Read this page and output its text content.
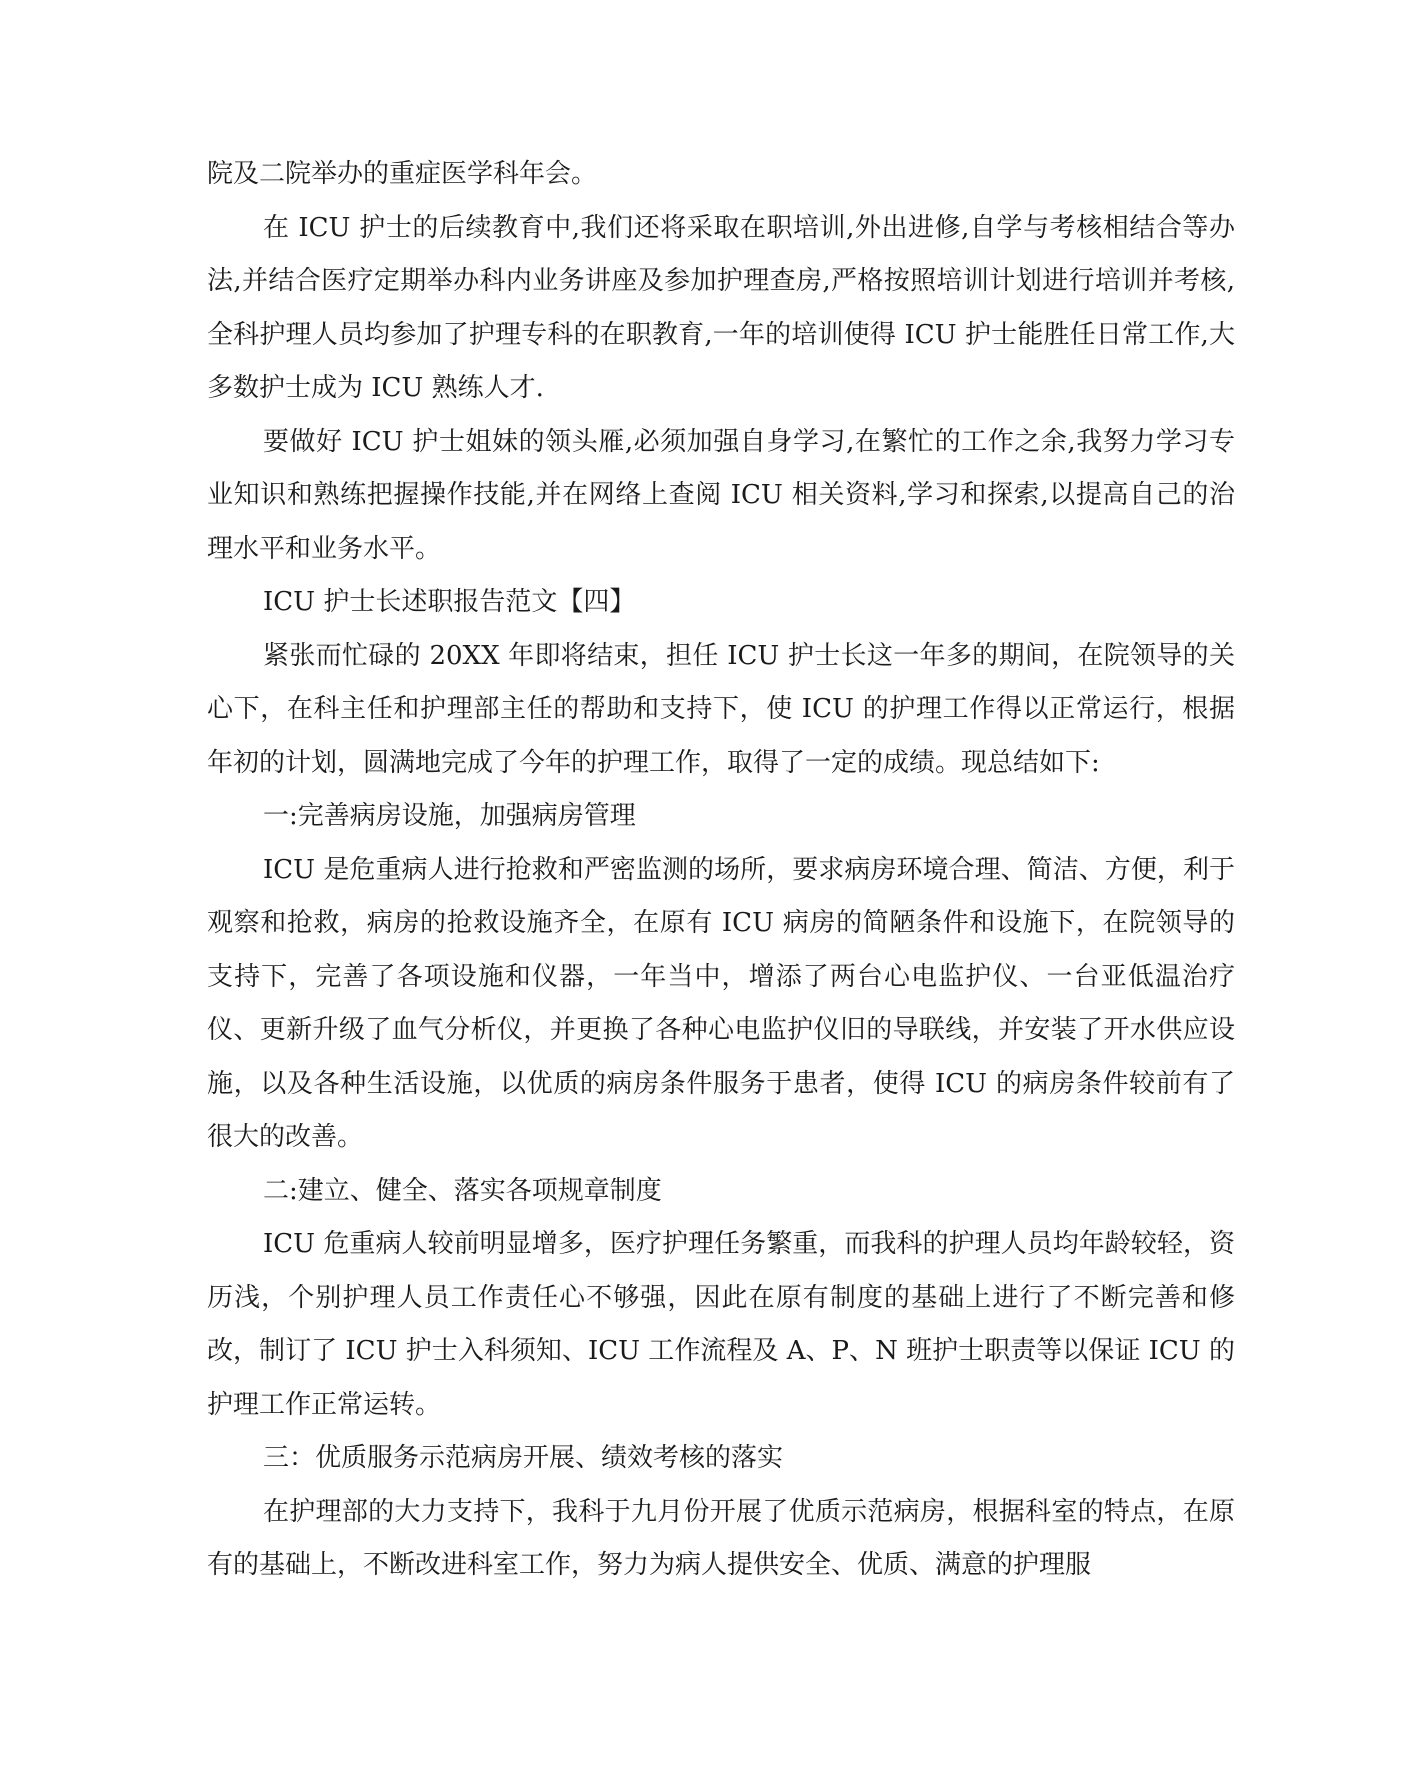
院及二院举办的重症医学科年会。

在 ICU 护士的后续教育中,我们还将采取在职培训,外出进修,自学与考核相结合等办法,并结合医疗定期举办科内业务讲座及参加护理查房,严格按照培训计划进行培训并考核,全科护理人员均参加了护理专科的在职教育,一年的培训使得 ICU 护士能胜任日常工作,大多数护士成为 ICU 熟练人才.

要做好 ICU 护士姐妹的领头雁,必须加强自身学习,在繁忙的工作之余,我努力学习专业知识和熟练把握操作技能,并在网络上查阅 ICU 相关资料,学习和探索,以提高自己的治理水平和业务水平。

ICU 护士长述职报告范文【四】

紧张而忙碌的 20XX 年即将结束，担任 ICU 护士长这一年多的期间，在院领导的关心下，在科主任和护理部主任的帮助和支持下，使 ICU 的护理工作得以正常运行，根据年初的计划，圆满地完成了今年的护理工作，取得了一定的成绩。现总结如下:

一:完善病房设施，加强病房管理

ICU 是危重病人进行抢救和严密监测的场所，要求病房环境合理、简洁、方便，利于观察和抢救，病房的抢救设施齐全，在原有 ICU 病房的简陋条件和设施下，在院领导的支持下，完善了各项设施和仪器，一年当中，增添了两台心电监护仪、一台亚低温治疗仪、更新升级了血气分析仪，并更换了各种心电监护仪旧的导联线，并安装了开水供应设施，以及各种生活设施，以优质的病房条件服务于患者，使得 ICU 的病房条件较前有了很大的改善。

二:建立、健全、落实各项规章制度

ICU 危重病人较前明显增多，医疗护理任务繁重，而我科的护理人员均年龄较轻，资历浅，个别护理人员工作责任心不够强，因此在原有制度的基础上进行了不断完善和修改，制订了 ICU 护士入科须知、ICU 工作流程及 A、P、N 班护士职责等以保证 ICU 的护理工作正常运转。

三：优质服务示范病房开展、绩效考核的落实

在护理部的大力支持下，我科于九月份开展了优质示范病房，根据科室的特点，在原有的基础上，不断改进科室工作，努力为病人提供安全、优质、满意的护理服
